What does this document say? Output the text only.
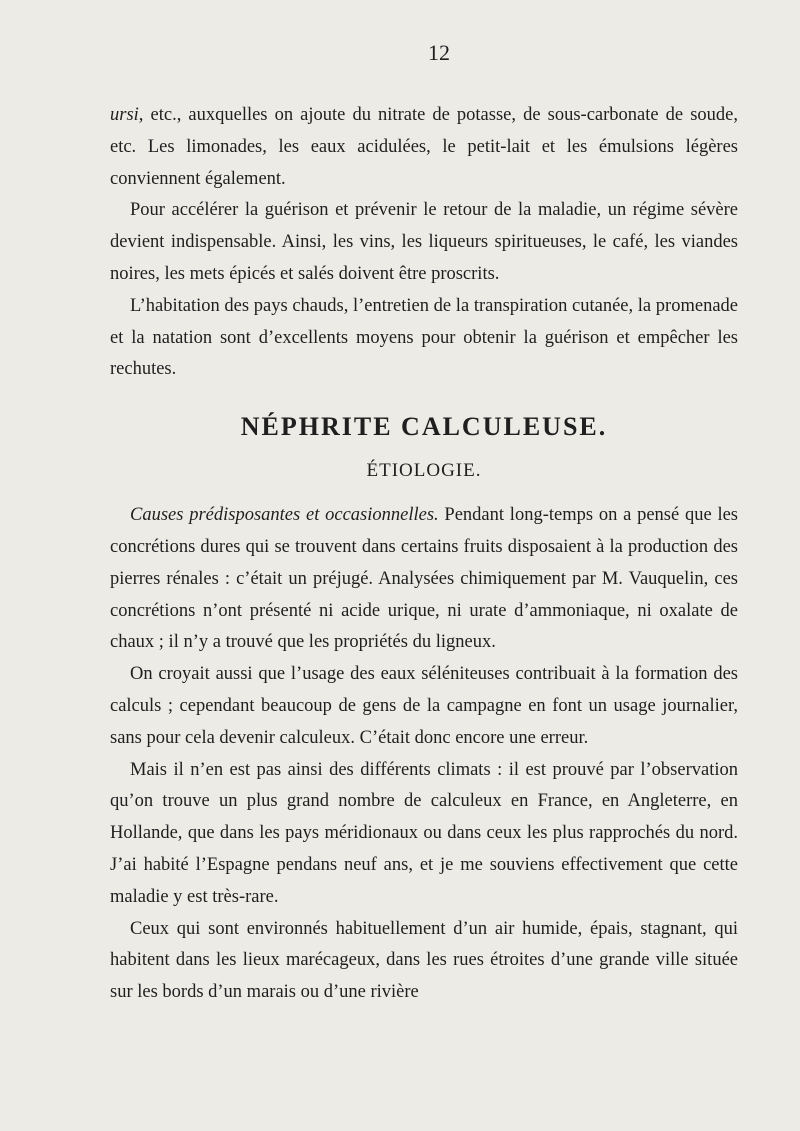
12

ursi, etc., auxquelles on ajoute du nitrate de potasse, de sous-carbonate de soude, etc. Les limonades, les eaux acidulées, le petit-lait et les émulsions légères conviennent également.

Pour accélérer la guérison et prévenir le retour de la maladie, un régime sévère devient indispensable. Ainsi, les vins, les liqueurs spiritueuses, le café, les viandes noires, les mets épicés et salés doivent être proscrits.

L’habitation des pays chauds, l’entretien de la transpiration cutanée, la promenade et la natation sont d’excellents moyens pour obtenir la guérison et empêcher les rechutes.

NÉPHRITE CALCULEUSE.
ÉTIOLOGIE.

Causes prédisposantes et occasionnelles. Pendant long-temps on a pensé que les concrétions dures qui se trouvent dans certains fruits disposaient à la production des pierres rénales : c’était un préjugé. Analysées chimiquement par M. Vauquelin, ces concrétions n’ont présenté ni acide urique, ni urate d’ammoniaque, ni oxalate de chaux ; il n’y a trouvé que les propriétés du ligneux.

On croyait aussi que l’usage des eaux séléniteuses contribuait à la formation des calculs ; cependant beaucoup de gens de la campagne en font un usage journalier, sans pour cela devenir calculeux. C’était donc encore une erreur.

Mais il n’en est pas ainsi des différents climats : il est prouvé par l’observation qu’on trouve un plus grand nombre de calculeux en France, en Angleterre, en Hollande, que dans les pays méridionaux ou dans ceux les plus rapprochés du nord. J’ai habité l’Espagne pendans neuf ans, et je me souviens effectivement que cette maladie y est très-rare.

Ceux qui sont environnés habituellement d’un air humide, épais, stagnant, qui habitent dans les lieux marécageux, dans les rues étroites d’une grande ville située sur les bords d’un marais ou d’une rivière
